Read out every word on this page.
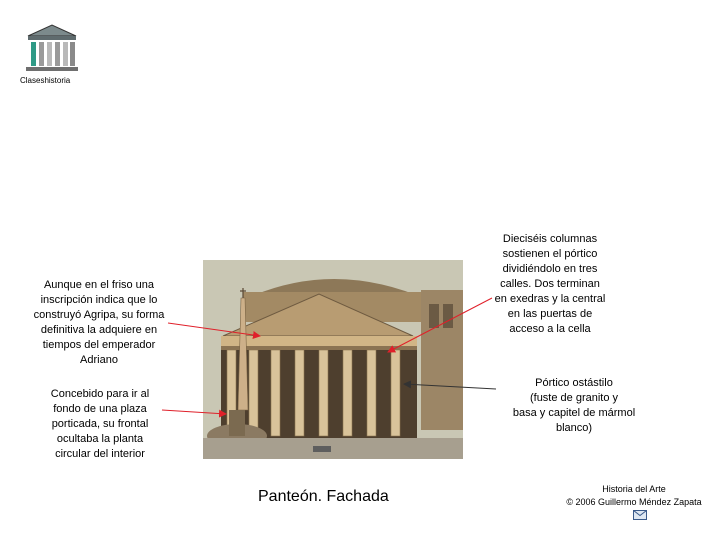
Claseshistoria
Aunque en el friso una
inscripción indica que lo
construyó Agripa, su forma
definitiva la adquiere en
tiempos del emperador
Adriano
Concebido para ir al
fondo de una plaza
porticada, su frontal
ocultaba la planta
circular del interior
Dieciséis columnas
sostienen el pórtico
dividiéndolo en tres
calles. Dos terminan
en exedras y la central
en las puertas de
acceso a la cella
Pórtico ostástilo
(fuste de granito y
basa y capitel de mármol
blanco)
Panteón. Fachada	Historia del Arte
© 2006 Guillermo Méndez Zapata
